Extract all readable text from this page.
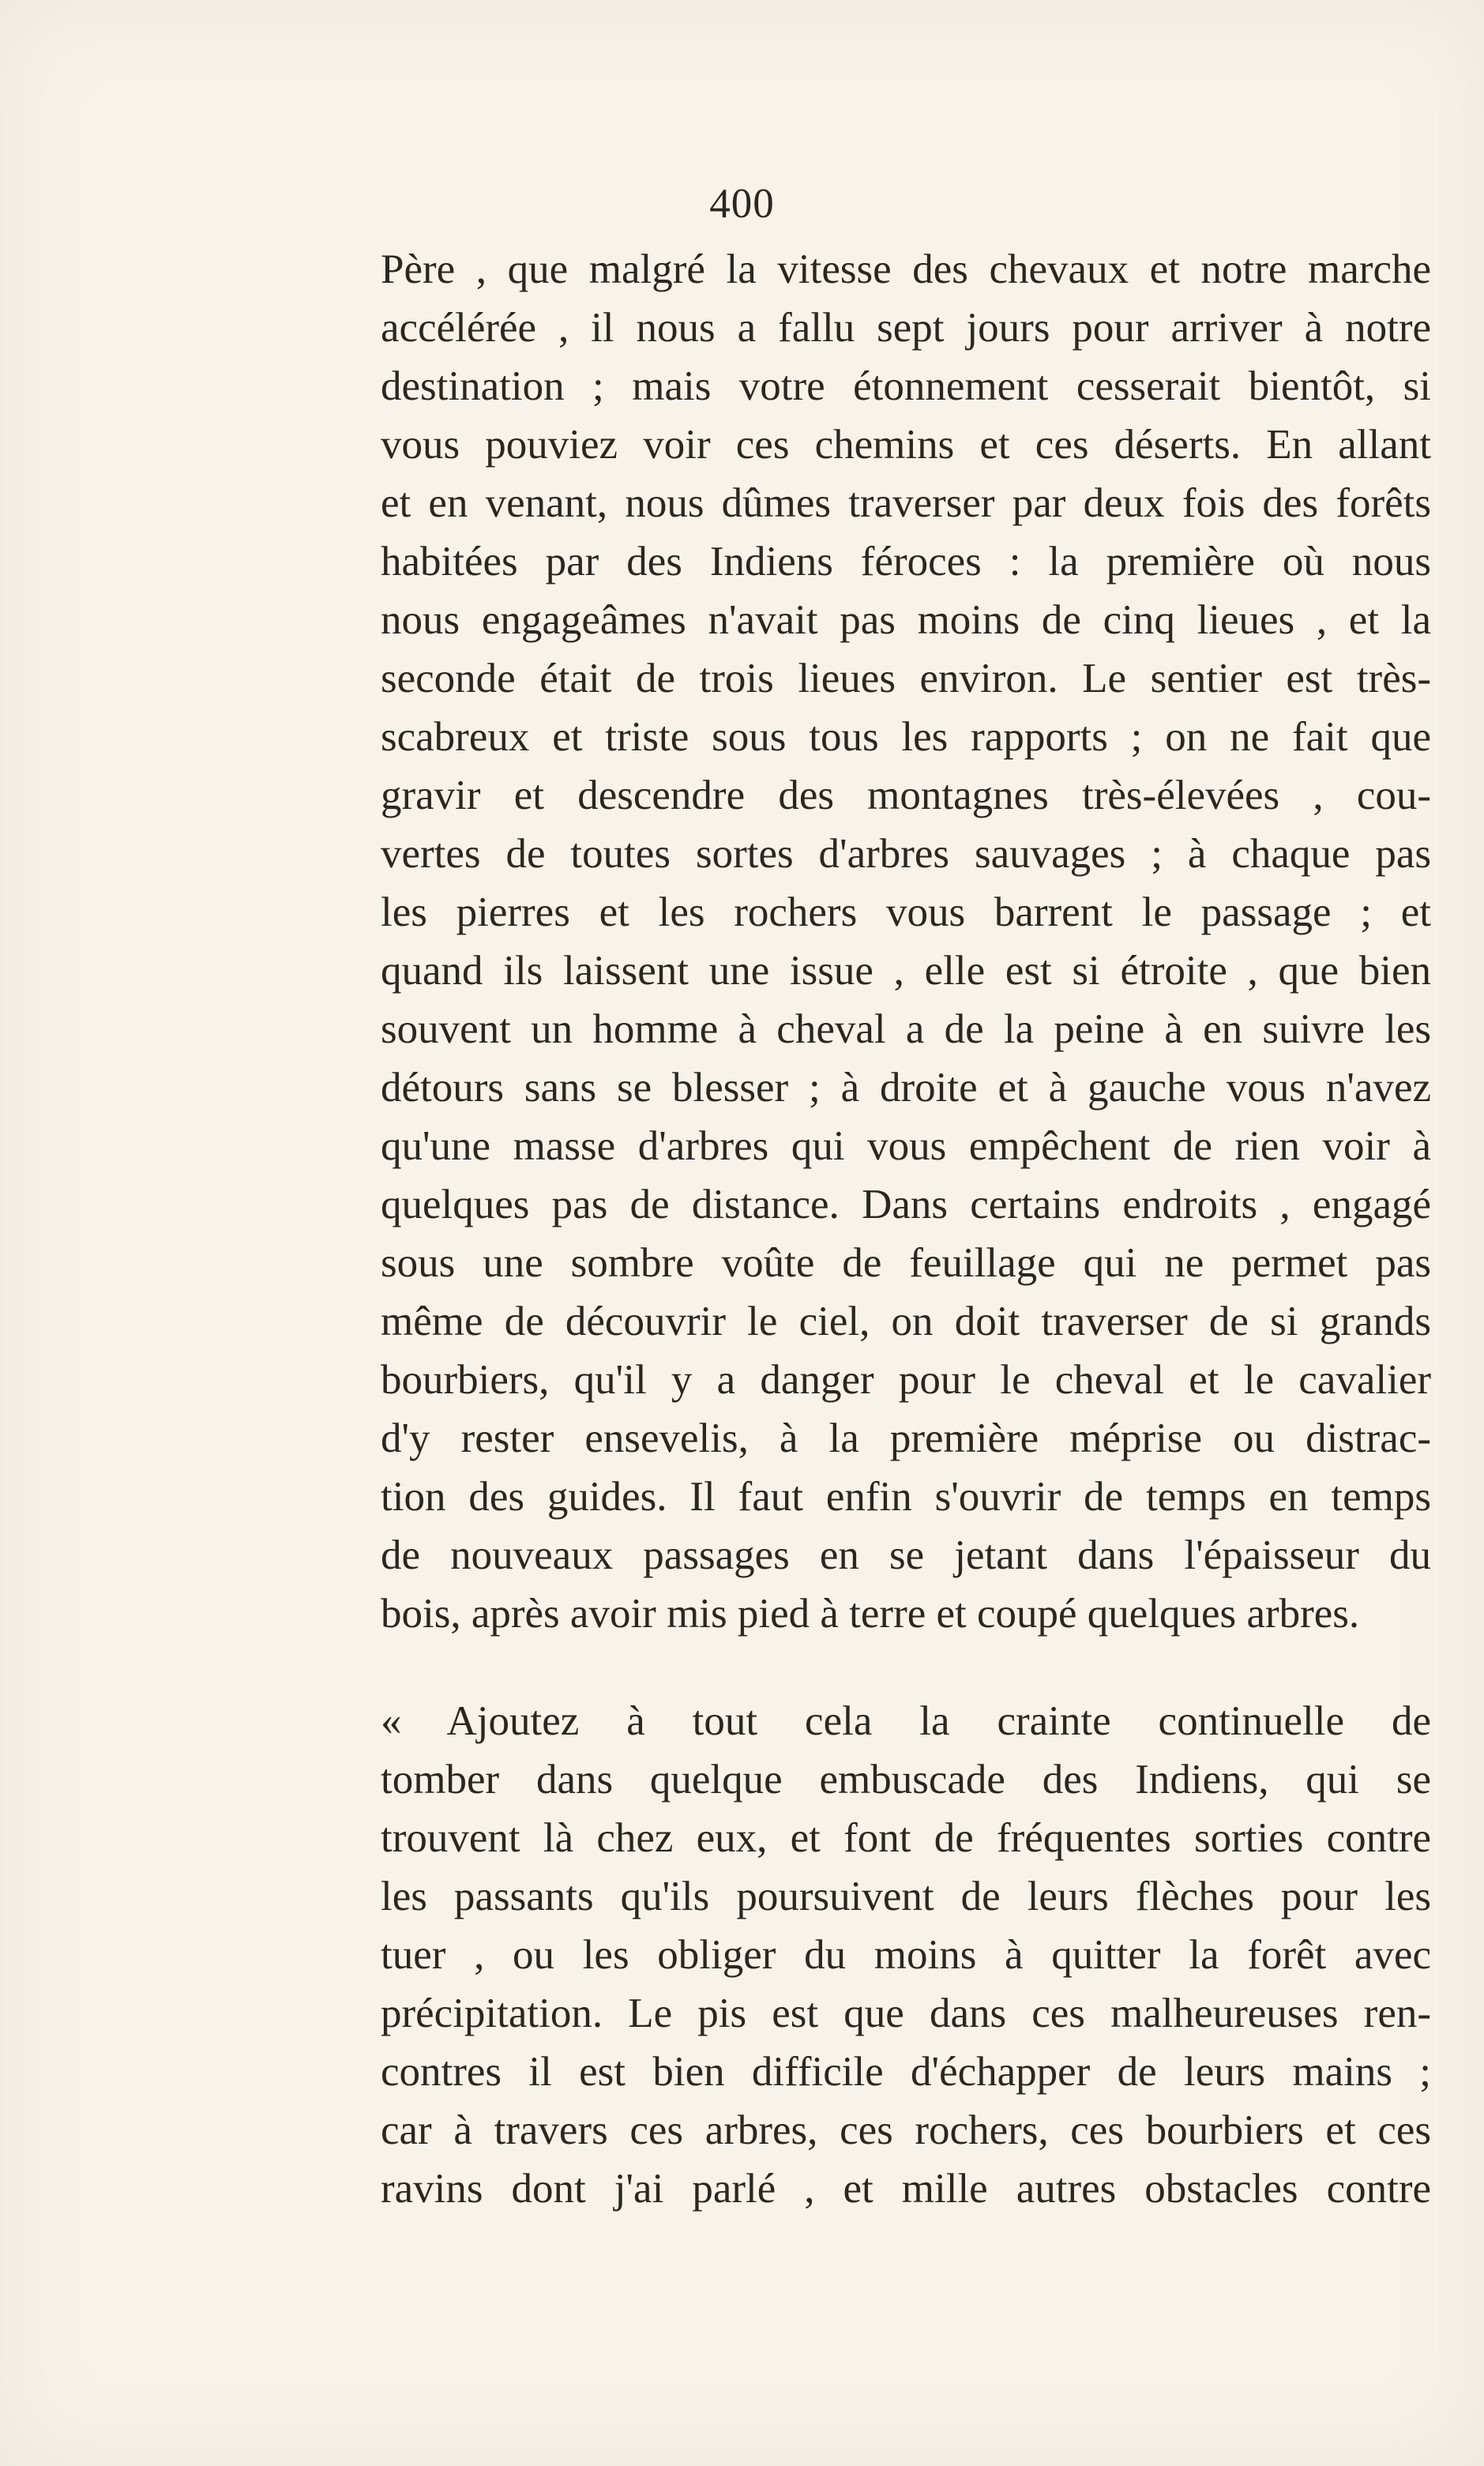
400

Père , que malgré la vitesse des chevaux et notre marche
accélérée , il nous a fallu sept jours pour arriver à notre
destination ; mais votre étonnement cesserait bientôt, si
vous pouviez voir ces chemins et ces déserts. En allant
et en venant, nous dûmes traverser par deux fois des forêts
habitées par des Indiens féroces : la première où nous
nous engageâmes n'avait pas moins de cinq lieues , et la
seconde était de trois lieues environ. Le sentier est très-
scabreux et triste sous tous les rapports ; on ne fait que
gravir et descendre des montagnes très-élevées , cou-
vertes de toutes sortes d'arbres sauvages ; à chaque pas
les pierres et les rochers vous barrent le passage ; et
quand ils laissent une issue , elle est si étroite , que bien
souvent un homme à cheval a de la peine à en suivre les
détours sans se blesser ; à droite et à gauche vous n'avez
qu'une masse d'arbres qui vous empêchent de rien voir à
quelques pas de distance. Dans certains endroits , engagé
sous une sombre voûte de feuillage qui ne permet pas
même de découvrir le ciel, on doit traverser de si grands
bourbiers, qu'il y a danger pour le cheval et le cavalier
d'y rester ensevelis, à la première méprise ou distrac-
tion des guides. Il faut enfin s'ouvrir de temps en temps
de nouveaux passages en se jetant dans l'épaisseur du
bois, après avoir mis pied à terre et coupé quelques arbres.

« Ajoutez à tout cela la crainte continuelle de
tomber dans quelque embuscade des Indiens, qui se
trouvent là chez eux, et font de fréquentes sorties contre
les passants qu'ils poursuivent de leurs flèches pour les
tuer , ou les obliger du moins à quitter la forêt avec
précipitation. Le pis est que dans ces malheureuses ren-
contres il est bien difficile d'échapper de leurs mains ;
car à travers ces arbres, ces rochers, ces bourbiers et ces
ravins dont j'ai parlé , et mille autres obstacles contre
